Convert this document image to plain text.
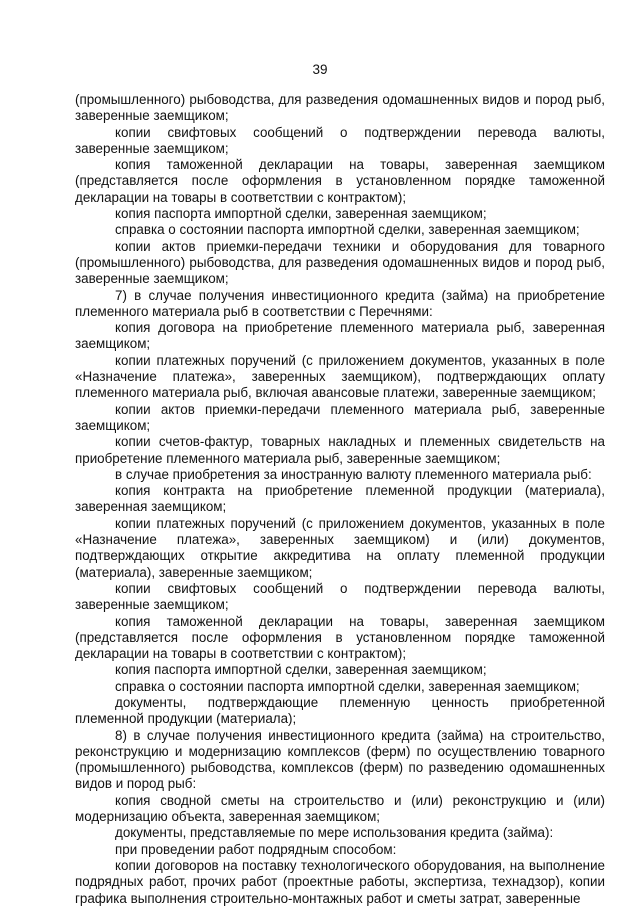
39

(промышленного) рыбоводства, для разведения одомашненных видов и пород рыб, заверенные заемщиком;

копии свифтовых сообщений о подтверждении перевода валюты, заверенные заемщиком;

копия таможенной декларации на товары, заверенная заемщиком (представляется после оформления в установленном порядке таможенной декларации на товары в соответствии с контрактом);

копия паспорта импортной сделки, заверенная заемщиком;

справка о состоянии паспорта импортной сделки, заверенная заемщиком;

копии актов приемки-передачи техники и оборудования для товарного (промышленного) рыбоводства, для разведения одомашненных видов и пород рыб, заверенные заемщиком;

7) в случае получения инвестиционного кредита (займа) на приобретение племенного материала рыб в соответствии с Перечнями:

копия договора на приобретение племенного материала рыб, заверенная заемщиком;

копии платежных поручений (с приложением документов, указанных в поле «Назначение платежа», заверенных заемщиком), подтверждающих оплату племенного материала рыб, включая авансовые платежи, заверенные заемщиком;

копии актов приемки-передачи племенного материала рыб, заверенные заемщиком;

копии счетов-фактур, товарных накладных и племенных свидетельств на приобретение племенного материала рыб, заверенные заемщиком;

в случае приобретения за иностранную валюту племенного материала рыб:

копия контракта на приобретение племенной продукции (материала), заверенная заемщиком;

копии платежных поручений (с приложением документов, указанных в поле «Назначение платежа», заверенных заемщиком) и (или) документов, подтверждающих открытие аккредитива на оплату племенной продукции (материала), заверенные заемщиком;

копии свифтовых сообщений о подтверждении перевода валюты, заверенные заемщиком;

копия таможенной декларации на товары, заверенная заемщиком (представляется после оформления в установленном порядке таможенной декларации на товары в соответствии с контрактом);

копия паспорта импортной сделки, заверенная заемщиком;

справка о состоянии паспорта импортной сделки, заверенная заемщиком;

документы, подтверждающие племенную ценность приобретенной племенной продукции (материала);

8) в случае получения инвестиционного кредита (займа) на строительство, реконструкцию и модернизацию комплексов (ферм) по осуществлению товарного (промышленного) рыбоводства, комплексов (ферм) по разведению одомашненных видов и пород рыб:

копия сводной сметы на строительство и (или) реконструкцию и (или) модернизацию объекта, заверенная заемщиком;

документы, представляемые по мере использования кредита (займа):

при проведении работ подрядным способом:

копии договоров на поставку технологического оборудования, на выполнение подрядных работ, прочих работ (проектные работы, экспертиза, технадзор), копии графика выполнения строительно-монтажных работ и сметы затрат, заверенные
